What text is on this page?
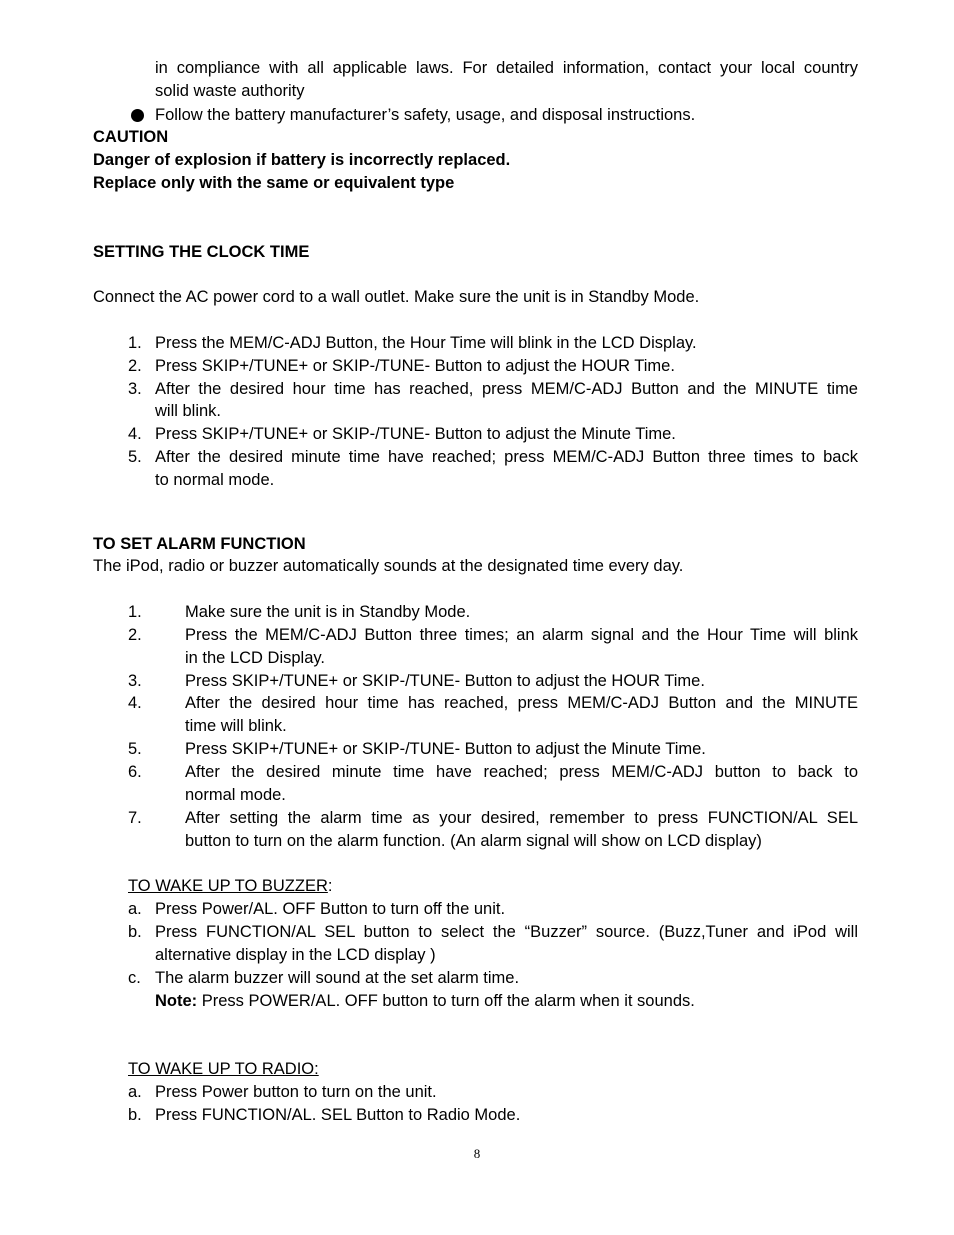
in compliance with all applicable laws. For detailed information, contact your local country
solid waste authority
Follow the battery manufacturer’s safety, usage, and disposal instructions.
CAUTION
Danger of explosion if battery is incorrectly replaced.
Replace only with the same or equivalent type
SETTING THE CLOCK TIME
Connect the AC power cord to a wall outlet. Make sure the unit is in Standby Mode.
1. Press the MEM/C-ADJ Button, the Hour Time will blink in the LCD Display.
2. Press SKIP+/TUNE+ or SKIP-/TUNE- Button to adjust the HOUR Time.
3. After the desired hour time has reached, press MEM/C-ADJ Button and the MINUTE time
will blink.
4. Press SKIP+/TUNE+ or SKIP-/TUNE- Button to adjust the Minute Time.
5. After the desired minute time have reached; press MEM/C-ADJ Button three times to back
to normal mode.
TO SET ALARM FUNCTION
The iPod, radio or buzzer automatically sounds at the designated time every day.
1.	Make sure the unit is in Standby Mode.
2.	Press the MEM/C-ADJ Button three times; an alarm signal and the Hour Time will blink
in the LCD Display.
3.	Press SKIP+/TUNE+ or SKIP-/TUNE- Button to adjust the HOUR Time.
4.	After the desired hour time has reached, press MEM/C-ADJ Button and the MINUTE
time will blink.
5.	Press SKIP+/TUNE+ or SKIP-/TUNE- Button to adjust the Minute Time.
6.	After the desired minute time have reached; press MEM/C-ADJ button to back to
normal mode.
7.	After setting the alarm time as your desired, remember to press FUNCTION/AL SEL
button to turn on the alarm function. (An alarm signal will show on LCD display)
TO WAKE UP TO BUZZER:
a. Press Power/AL. OFF Button to turn off the unit.
b. Press FUNCTION/AL SEL button to select the “Buzzer” source. (Buzz,Tuner and iPod will
alternative display in the LCD display )
c. The alarm buzzer will sound at the set alarm time.
Note: Press POWER/AL. OFF button to turn off the alarm when it sounds.
TO WAKE UP TO RADIO:
a. Press Power button to turn on the unit.
b. Press FUNCTION/AL. SEL Button to Radio Mode.
8
